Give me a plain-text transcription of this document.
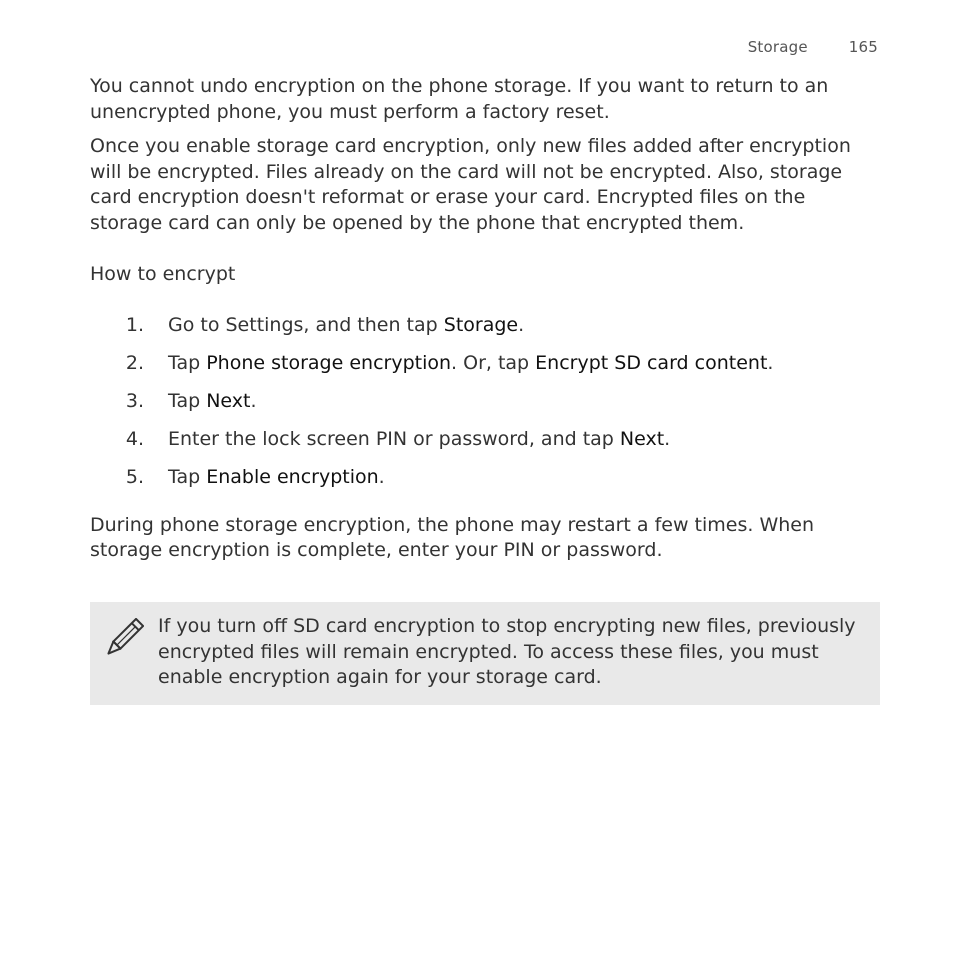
Storage	165

You cannot undo encryption on the phone storage. If you want to return to an unencrypted phone, you must perform a factory reset.

Once you enable storage card encryption, only new files added after encryption will be encrypted. Files already on the card will not be encrypted. Also, storage card encryption doesn't reformat or erase your card. Encrypted files on the storage card can only be opened by the phone that encrypted them.

How to encrypt

1. Go to Settings, and then tap Storage.
2. Tap Phone storage encryption. Or, tap Encrypt SD card content.
3. Tap Next.
4. Enter the lock screen PIN or password, and tap Next.
5. Tap Enable encryption.

During phone storage encryption, the phone may restart a few times. When storage encryption is complete, enter your PIN or password.

If you turn off SD card encryption to stop encrypting new files, previously encrypted files will remain encrypted. To access these files, you must enable encryption again for your storage card.
